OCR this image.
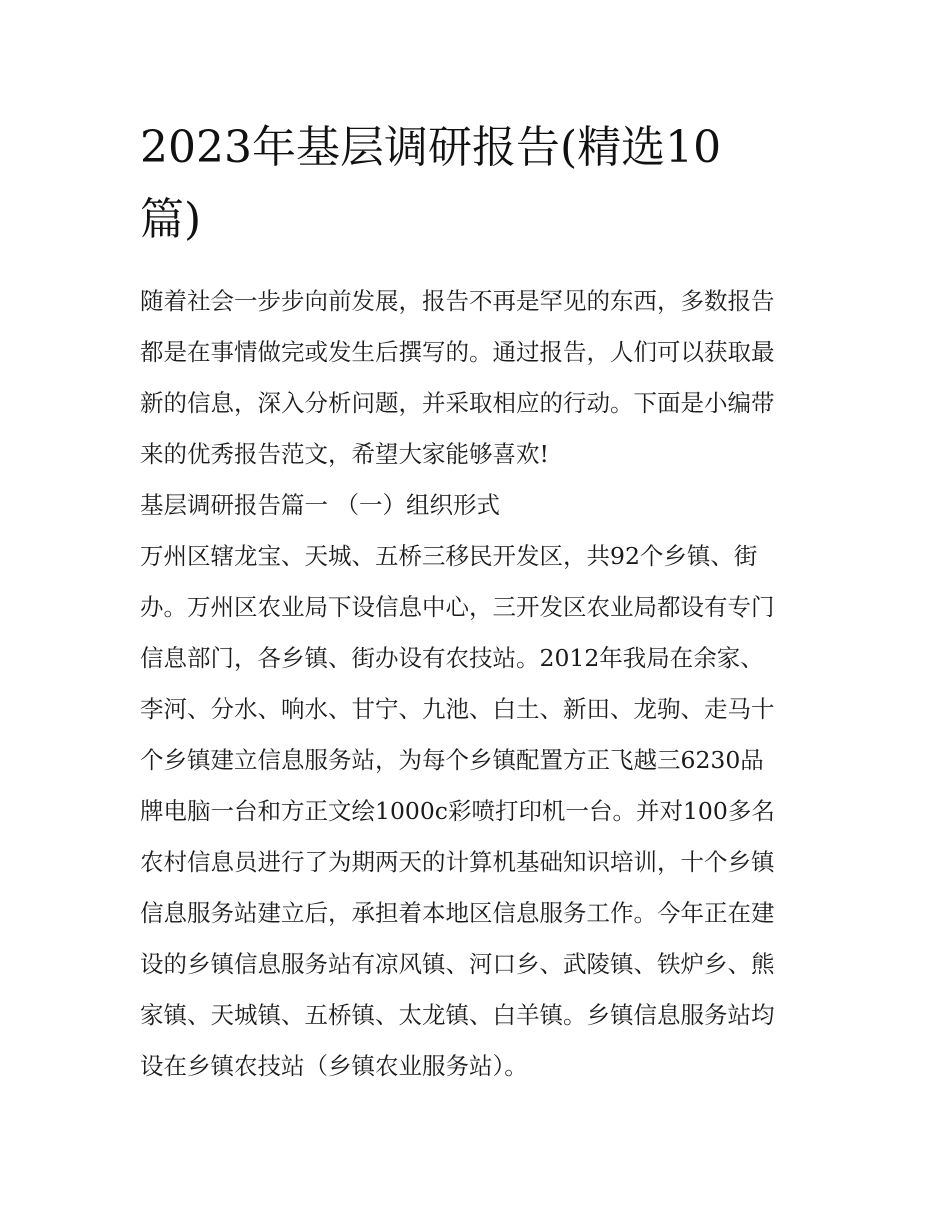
2023年基层调研报告(精选10
篇)
随着社会一步步向前发展，报告不再是罕见的东西，多数报告
都是在事情做完或发生后撰写的。通过报告，人们可以获取最
新的信息，深入分析问题，并采取相应的行动。下面是小编带
来的优秀报告范文，希望大家能够喜欢!
基层调研报告篇一 （一）组织形式
万州区辖龙宝、天城、五桥三移民开发区，共92个乡镇、街
办。万州区农业局下设信息中心，三开发区农业局都设有专门
信息部门，各乡镇、街办设有农技站。2012年我局在余家、
李河、分水、响水、甘宁、九池、白土、新田、龙驹、走马十
个乡镇建立信息服务站，为每个乡镇配置方正飞越三6230品
牌电脑一台和方正文绘1000c彩喷打印机一台。并对100多名
农村信息员进行了为期两天的计算机基础知识培训，十个乡镇
信息服务站建立后，承担着本地区信息服务工作。今年正在建
设的乡镇信息服务站有凉风镇、河口乡、武陵镇、铁炉乡、熊
家镇、天城镇、五桥镇、太龙镇、白羊镇。乡镇信息服务站均
设在乡镇农技站（乡镇农业服务站）。
